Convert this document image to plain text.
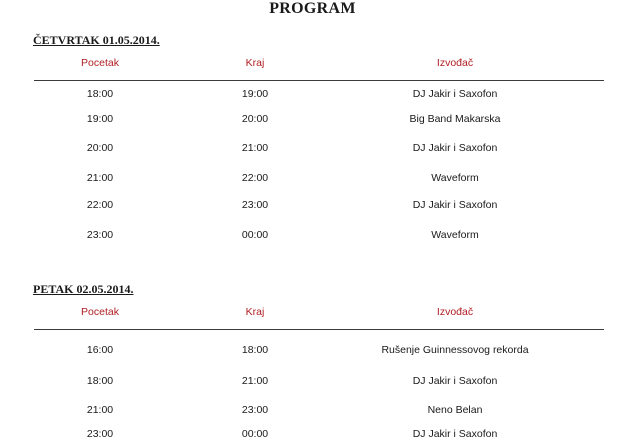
PROGRAM
ČETVRTAK 01.05.2014.
Pocetak	Kraj	Izvođač
18:00	19:00	DJ Jakir i Saxofon
19:00	20:00	Big Band Makarska
20:00	21:00	DJ Jakir i Saxofon
21:00	22:00	Waveform
22:00	23:00	DJ Jakir i Saxofon
23:00	00:00	Waveform
PETAK 02.05.2014.
Pocetak	Kraj	Izvođač
16:00	18:00	Rušenje Guinnessovog rekorda
18:00	21:00	DJ Jakir i Saxofon
21:00	23:00	Neno Belan
23:00	00:00	DJ Jakir i Saxofon
